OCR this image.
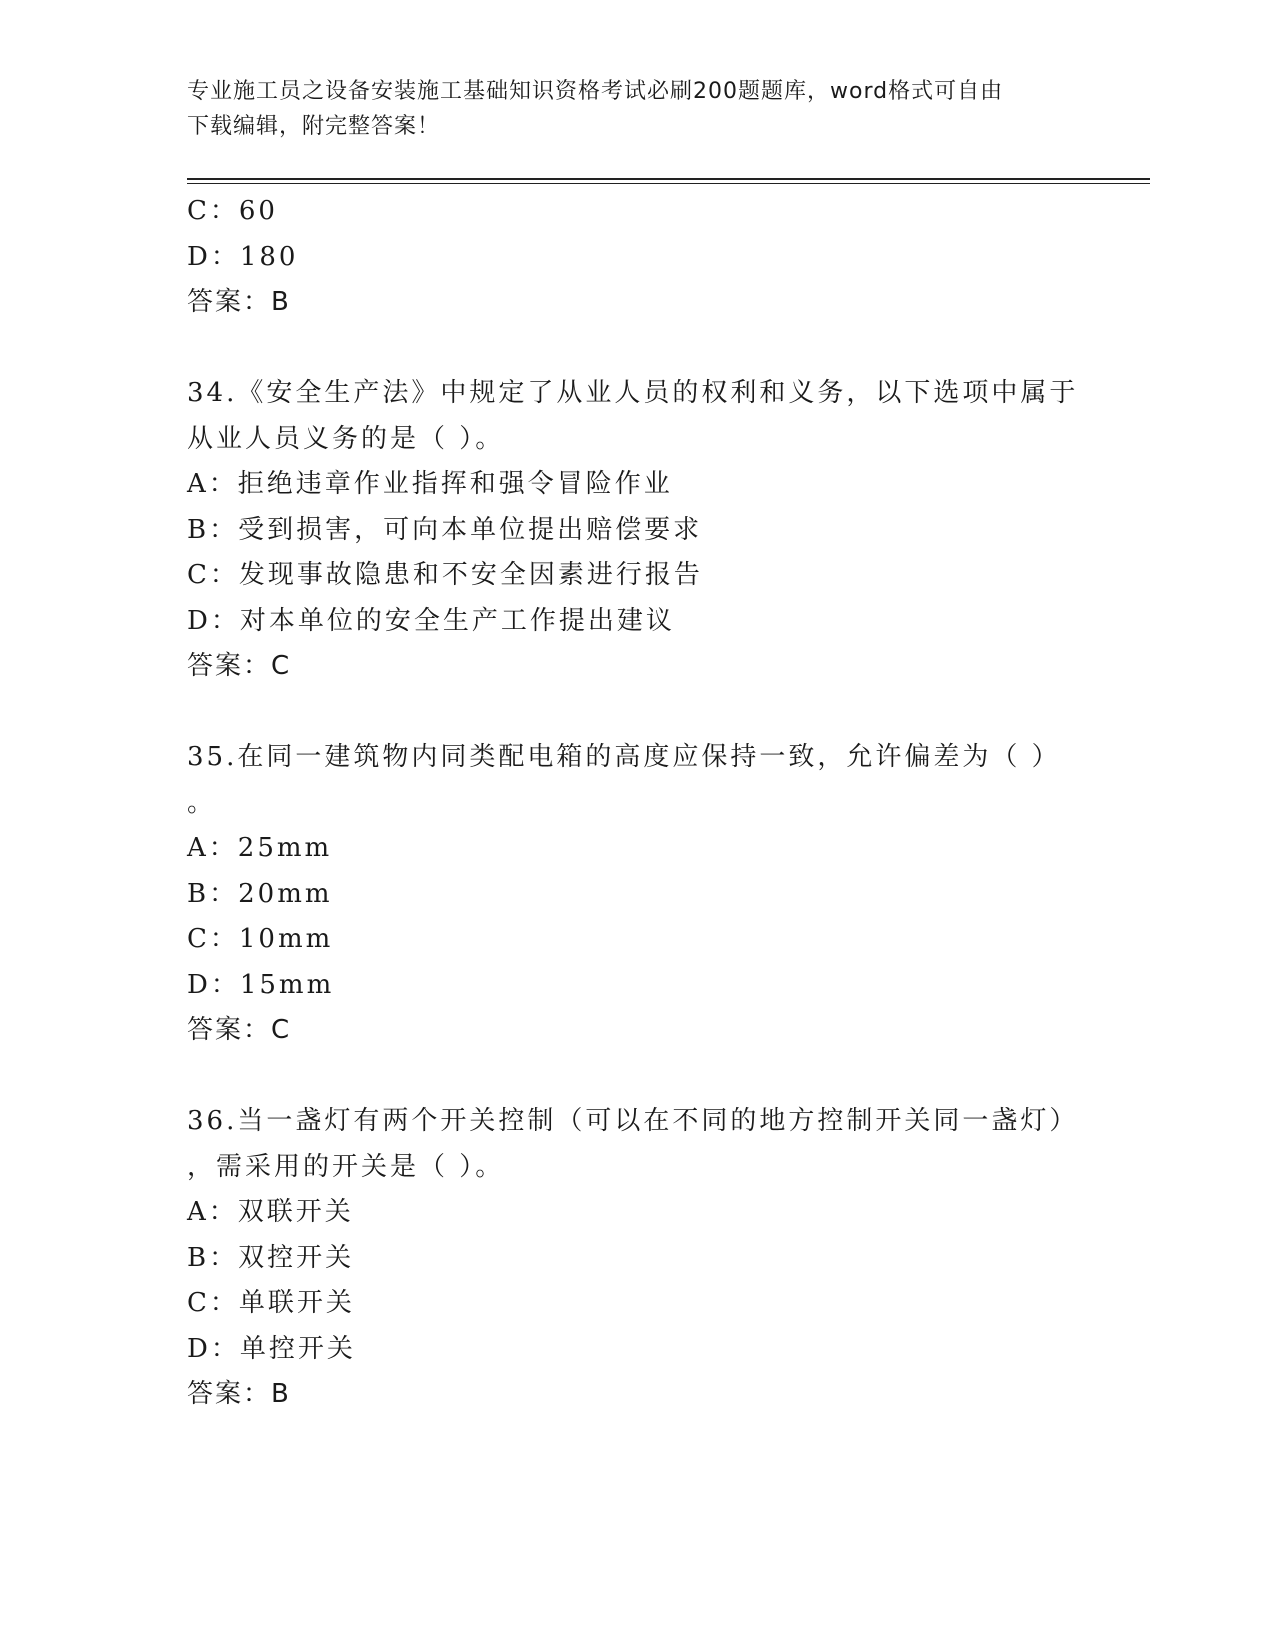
专业施工员之设备安装施工基础知识资格考试必刷200题题库，word格式可自由
下载编辑，附完整答案！
C：60
D：180
答案：B
34.《安全生产法》中规定了从业人员的权利和义务，以下选项中属于
从业人员义务的是（ ）。
A：拒绝违章作业指挥和强令冒险作业
B：受到损害，可向本单位提出赔偿要求
C：发现事故隐患和不安全因素进行报告
D：对本单位的安全生产工作提出建议
答案：C
35.在同一建筑物内同类配电箱的高度应保持一致，允许偏差为（ ）
。
A：25mm
B：20mm
C：10mm
D：15mm
答案：C
36.当一盏灯有两个开关控制（可以在不同的地方控制开关同一盏灯）
，需采用的开关是（ ）。
A：双联开关
B：双控开关
C：单联开关
D：单控开关
答案：B
